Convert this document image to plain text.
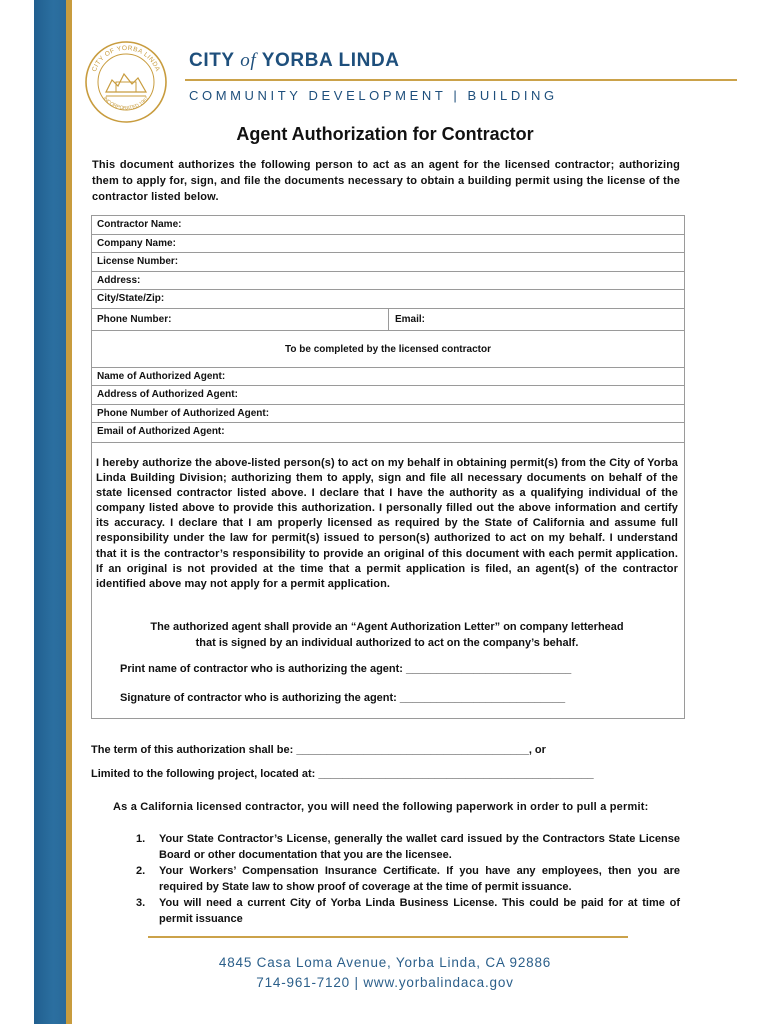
CITY OF YORBA LINDA
INCORPORATED 1967
CITY of YORBA LINDA
COMMUNITY DEVELOPMENT | BUILDING
Agent Authorization for Contractor
This document authorizes the following person to act as an agent for the licensed contractor; authorizing them to apply for, sign, and file the documents necessary to obtain a building permit using the license of the contractor listed below.
Contractor Name:
Company Name:
License Number:
Address:
City/State/Zip:
Phone Number:	Email:
To be completed by the licensed contractor
Name of Authorized Agent:
Address of Authorized Agent:
Phone Number of Authorized Agent:
Email of Authorized Agent:
I hereby authorize the above-listed person(s) to act on my behalf in obtaining permit(s) from the City of Yorba Linda Building Division; authorizing them to apply, sign and file all necessary documents on behalf of the state licensed contractor listed above. I declare that I have the authority as a qualifying individual of the company listed above to provide this authorization. I personally filled out the above information and certify its accuracy. I declare that I am properly licensed as required by the State of California and assume full responsibility under the law for permit(s) issued to person(s) authorized to act on my behalf. I understand that it is the contractor’s responsibility to provide an original of this document with each permit application. If an original is not provided at the time that a permit application is filed, an agent(s) of the contractor identified above may not apply for a permit application.
The authorized agent shall provide an “Agent Authorization Letter” on company letterhead
that is signed by an individual authorized to act on the company’s behalf.
Print name of contractor who is authorizing the agent: ___________________________
Signature of contractor who is authorizing the agent: ___________________________
The term of this authorization shall be: ______________________________________, or
Limited to the following project, located at: _____________________________________________
As a California licensed contractor, you will need the following paperwork in order to pull a permit:
1. Your State Contractor’s License, generally the wallet card issued by the Contractors State License Board or other documentation that you are the licensee.
2. Your Workers’ Compensation Insurance Certificate. If you have any employees, then you are required by State law to show proof of coverage at the time of permit issuance.
3. You will need a current City of Yorba Linda Business License. This could be paid for at time of permit issuance
4845 Casa Loma Avenue, Yorba Linda, CA 92886
714-961-7120 | www.yorbalindaca.gov
